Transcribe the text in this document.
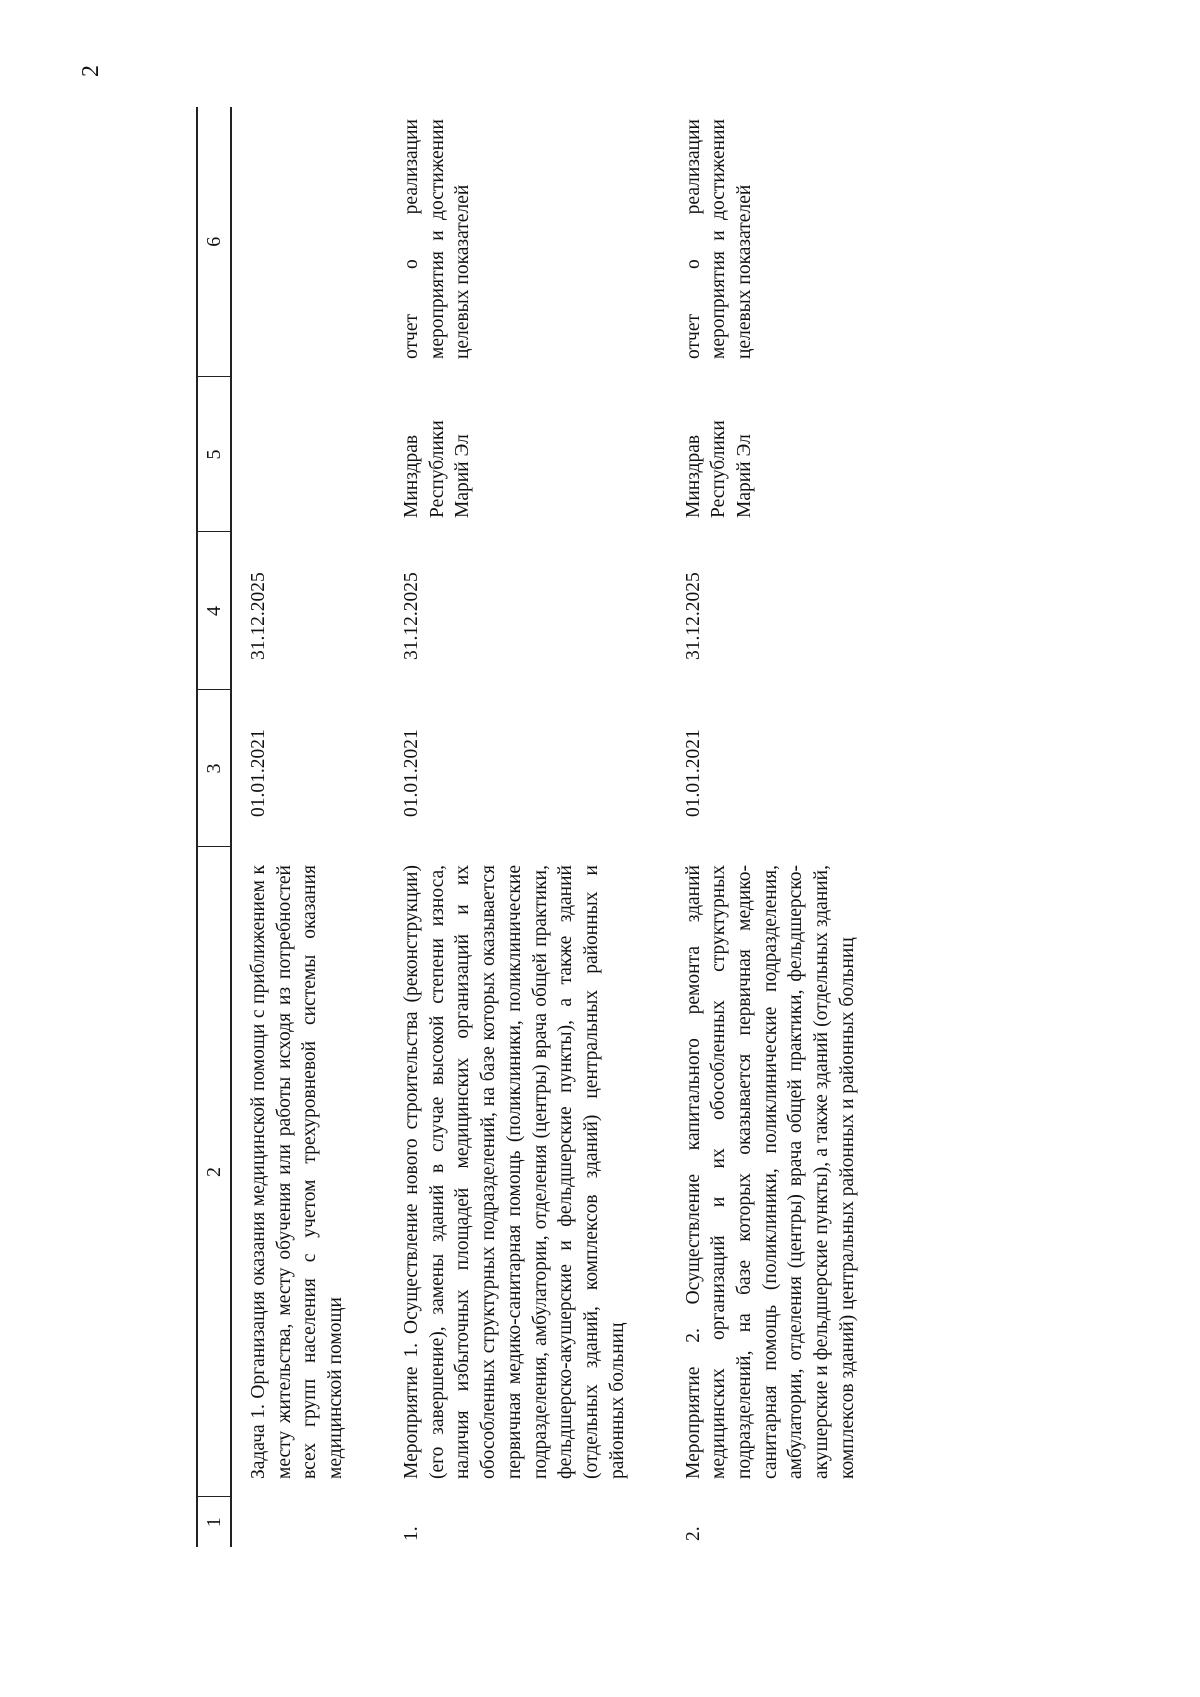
2
1	2	3	4	5	6
	Задача 1. Организация оказания медицинской помощи с приближением к месту жительства, месту обучения или работы исходя из потребностей всех групп населения с учетом трехуровневой системы оказания медицинской помощи	01.01.2021	31.12.2025		
1.	Мероприятие 1. Осуществление нового строительства (реконструкции) (его завершение), замены зданий в случае высокой степени износа, наличия избыточных площадей медицинских организаций и их обособленных структурных подразделений, на базе которых оказывается первичная медико-санитарная помощь (поликлиники, поликлинические подразделения, амбулатории, отделения (центры) врача общей практики, фельдшерско-акушерские и фельдшерские пункты), а также зданий (отдельных зданий, комплексов зданий) центральных районных и районных больниц	01.01.2021	31.12.2025	Минздрав Республики Марий Эл	отчет о реализации мероприятия и достижении целевых показателей
2.	Мероприятие 2. Осуществление капитального ремонта зданий медицинских организаций и их обособленных структурных подразделений, на базе которых оказывается первичная медико-санитарная помощь (поликлиники, поликлинические подразделения, амбулатории, отделения (центры) врача общей практики, фельдшерско-акушерские и фельдшерские пункты), а также зданий (отдельных зданий, комплексов зданий) центральных районных и районных больниц	01.01.2021	31.12.2025	Минздрав Республики Марий Эл	отчет о реализации мероприятия и достижении целевых показателей
